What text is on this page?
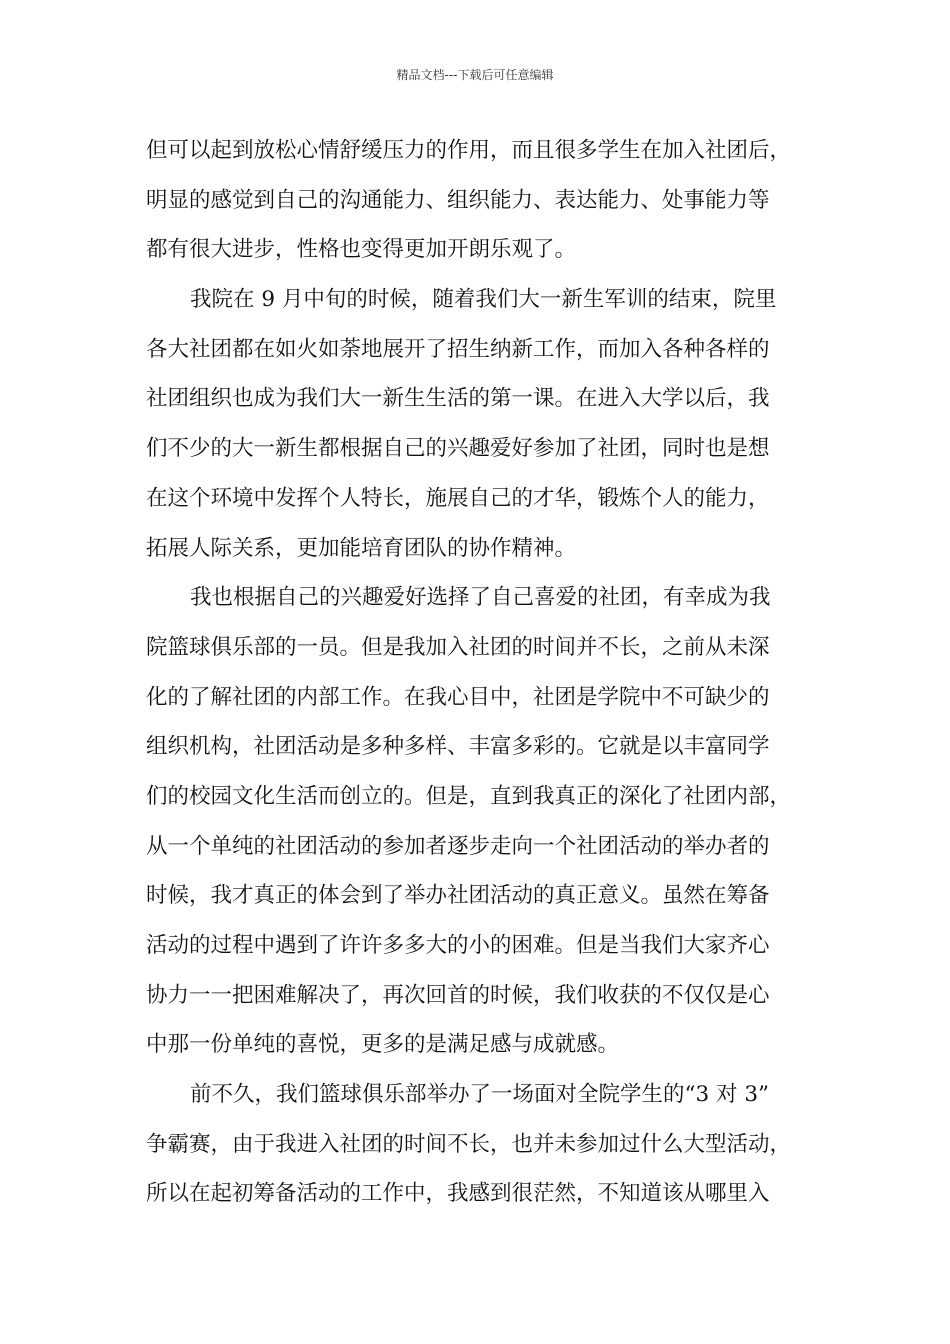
精品文档---下载后可任意编辑
但可以起到放松心情舒缓压力的作用，而且很多学生在加入社团后，
明显的感觉到自己的沟通能力、组织能力、表达能力、处事能力等
都有很大进步，性格也变得更加开朗乐观了。
我院在 9 月中旬的时候，随着我们大一新生军训的结束，院里
各大社团都在如火如荼地展开了招生纳新工作，而加入各种各样的
社团组织也成为我们大一新生生活的第一课。在进入大学以后，我
们不少的大一新生都根据自己的兴趣爱好参加了社团，同时也是想
在这个环境中发挥个人特长，施展自己的才华，锻炼个人的能力，
拓展人际关系，更加能培育团队的协作精神。
我也根据自己的兴趣爱好选择了自己喜爱的社团，有幸成为我
院篮球俱乐部的一员。但是我加入社团的时间并不长，之前从未深
化的了解社团的内部工作。在我心目中，社团是学院中不可缺少的
组织机构，社团活动是多种多样、丰富多彩的。它就是以丰富同学
们的校园文化生活而创立的。但是，直到我真正的深化了社团内部，
从一个单纯的社团活动的参加者逐步走向一个社团活动的举办者的
时候，我才真正的体会到了举办社团活动的真正意义。虽然在筹备
活动的过程中遇到了许许多多大的小的困难。但是当我们大家齐心
协力一一把困难解决了，再次回首的时候，我们收获的不仅仅是心
中那一份单纯的喜悦，更多的是满足感与成就感。
前不久，我们篮球俱乐部举办了一场面对全院学生的“3 对 3”
争霸赛，由于我进入社团的时间不长，也并未参加过什么大型活动，
所以在起初筹备活动的工作中，我感到很茫然，不知道该从哪里入
